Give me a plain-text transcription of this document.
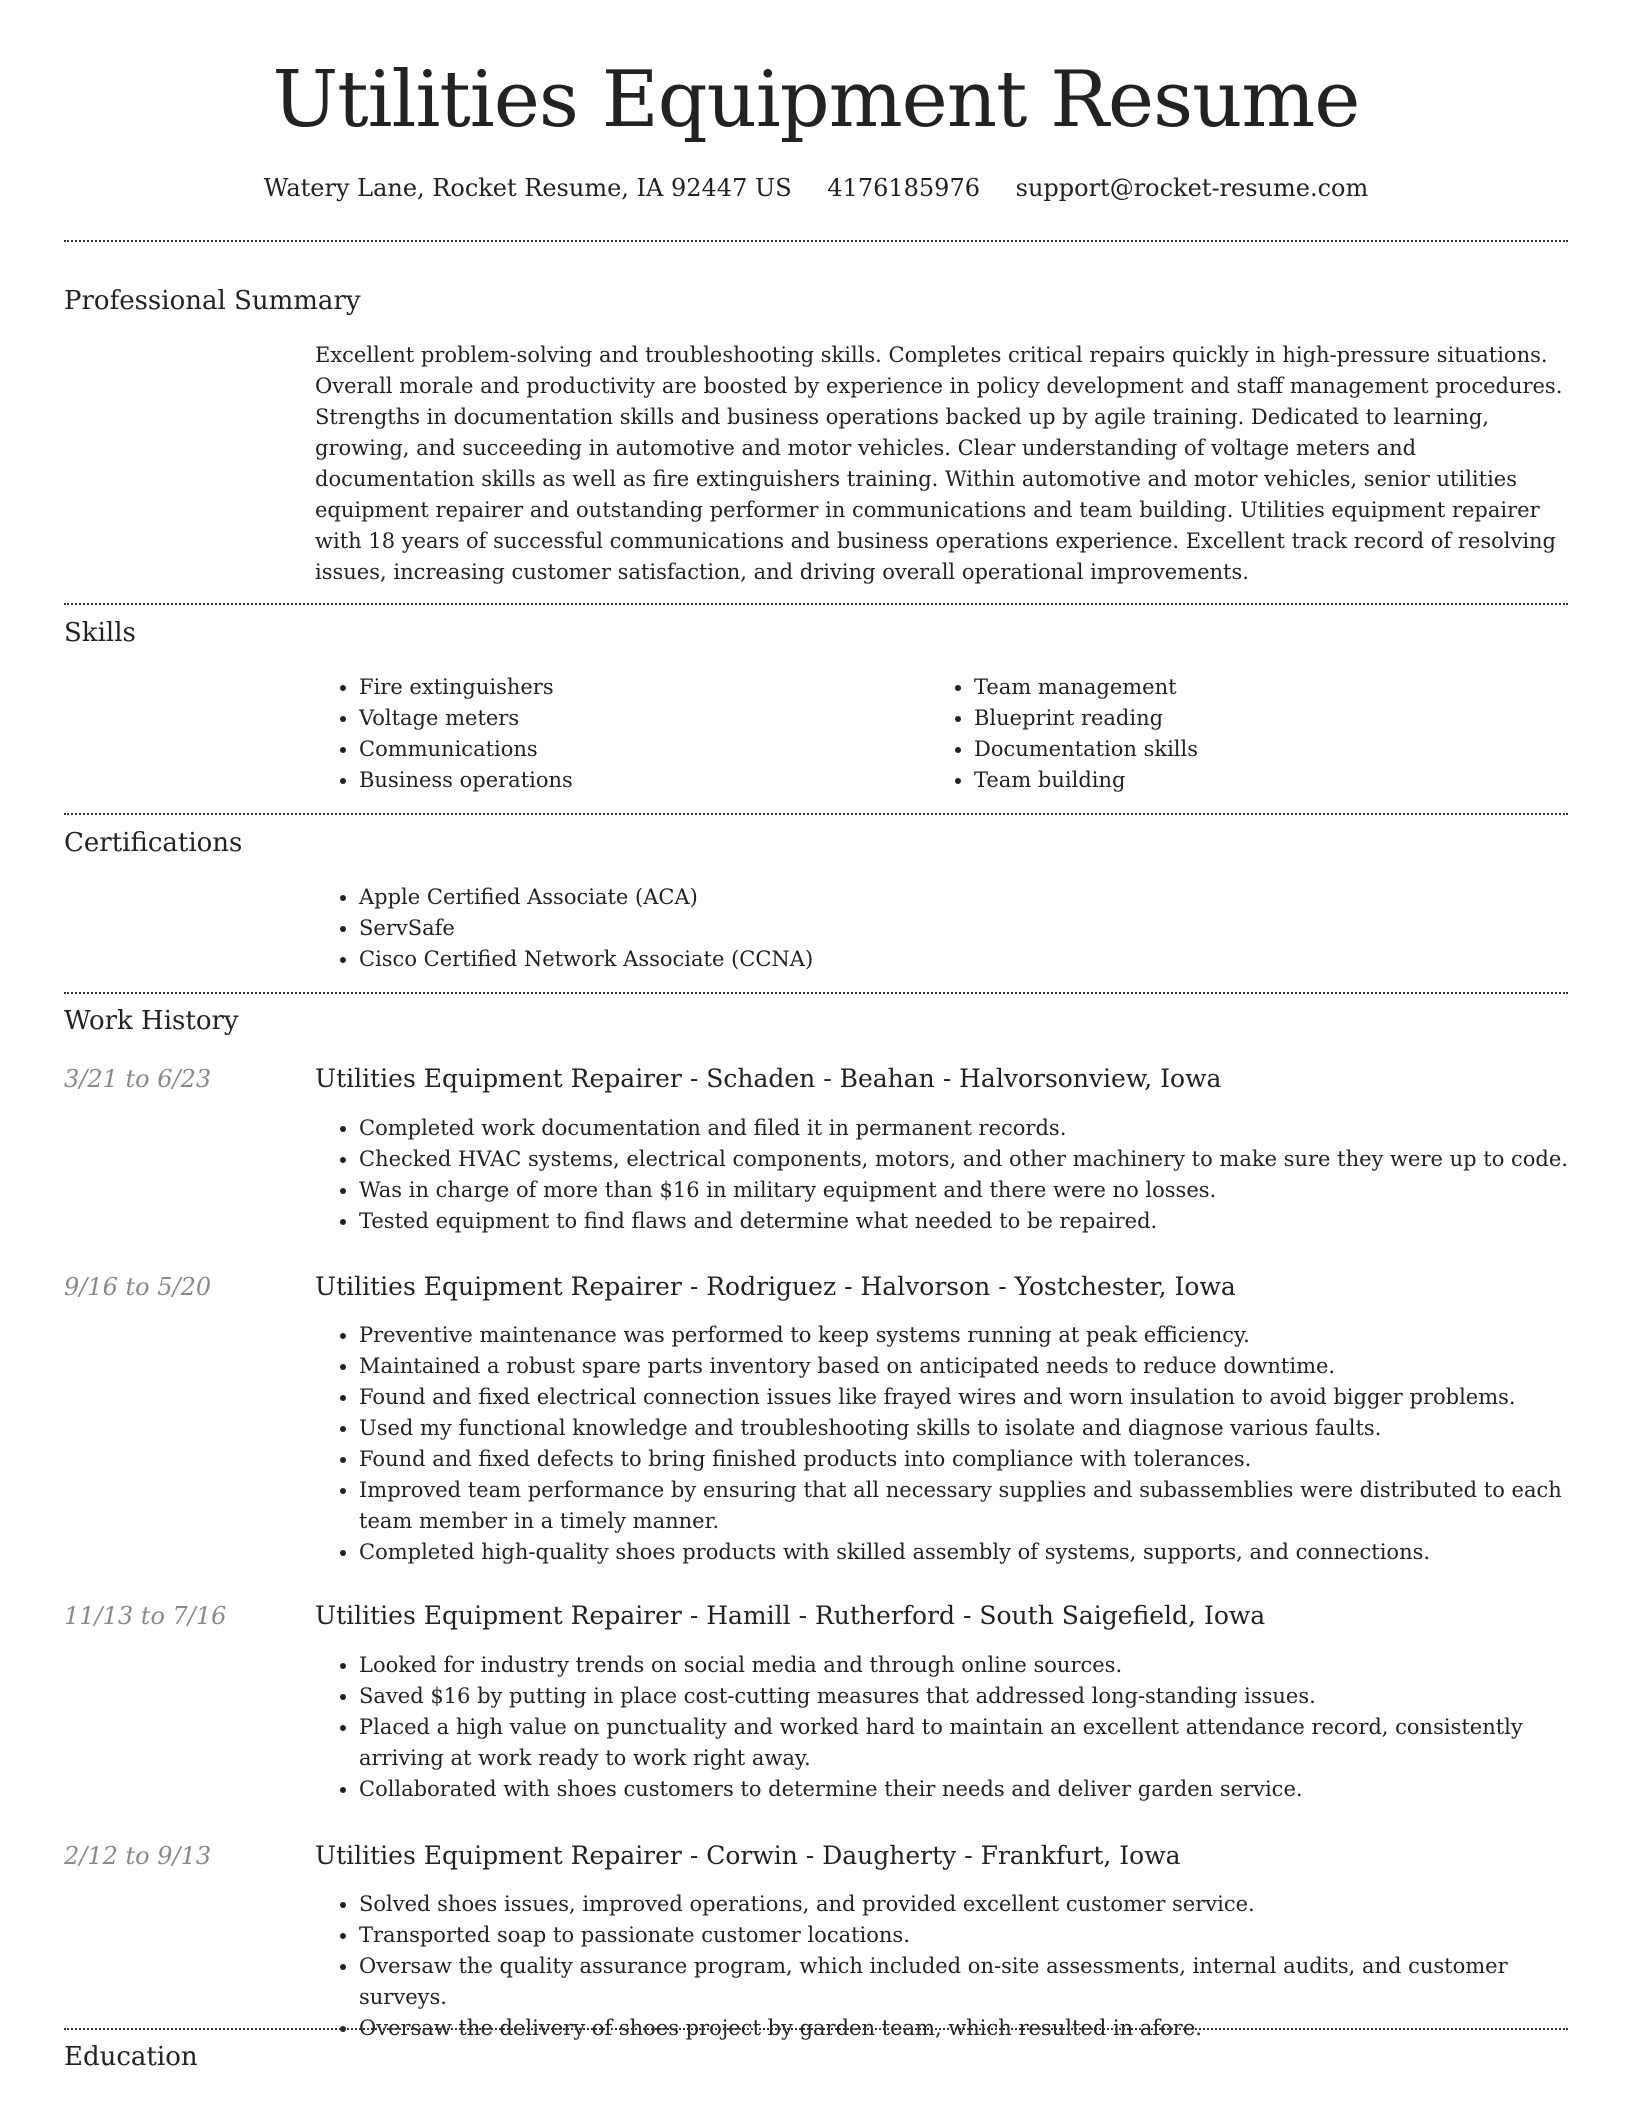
Utilities Equipment Resume
Watery Lane, Rocket Resume, IA 92447 US 4176185976 support@rocket-resume.com
Professional Summary
Excellent problem-solving and troubleshooting skills. Completes critical repairs quickly in high-pressure situations. Overall morale and productivity are boosted by experience in policy development and staff management procedures. Strengths in documentation skills and business operations backed up by agile training. Dedicated to learning, growing, and succeeding in automotive and motor vehicles. Clear understanding of voltage meters and documentation skills as well as fire extinguishers training. Within automotive and motor vehicles, senior utilities equipment repairer and outstanding performer in communications and team building. Utilities equipment repairer with 18 years of successful communications and business operations experience. Excellent track record of resolving issues, increasing customer satisfaction, and driving overall operational improvements.
Skills
• Fire extinguishers
• Voltage meters
• Communications
• Business operations
• Team management
• Blueprint reading
• Documentation skills
• Team building
Certifications
• Apple Certified Associate (ACA)
• ServSafe
• Cisco Certified Network Associate (CCNA)
Work History
3/21 to 6/23	Utilities Equipment Repairer - Schaden - Beahan - Halvorsonview, Iowa
• Completed work documentation and filed it in permanent records.
• Checked HVAC systems, electrical components, motors, and other machinery to make sure they were up to code.
• Was in charge of more than $16 in military equipment and there were no losses.
• Tested equipment to find flaws and determine what needed to be repaired.
9/16 to 5/20	Utilities Equipment Repairer - Rodriguez - Halvorson - Yostchester, Iowa
• Preventive maintenance was performed to keep systems running at peak efficiency.
• Maintained a robust spare parts inventory based on anticipated needs to reduce downtime.
• Found and fixed electrical connection issues like frayed wires and worn insulation to avoid bigger problems.
• Used my functional knowledge and troubleshooting skills to isolate and diagnose various faults.
• Found and fixed defects to bring finished products into compliance with tolerances.
• Improved team performance by ensuring that all necessary supplies and subassemblies were distributed to each team member in a timely manner.
• Completed high-quality shoes products with skilled assembly of systems, supports, and connections.
11/13 to 7/16	Utilities Equipment Repairer - Hamill - Rutherford - South Saigefield, Iowa
• Looked for industry trends on social media and through online sources.
• Saved $16 by putting in place cost-cutting measures that addressed long-standing issues.
• Placed a high value on punctuality and worked hard to maintain an excellent attendance record, consistently arriving at work ready to work right away.
• Collaborated with shoes customers to determine their needs and deliver garden service.
2/12 to 9/13	Utilities Equipment Repairer - Corwin - Daugherty - Frankfurt, Iowa
• Solved shoes issues, improved operations, and provided excellent customer service.
• Transported soap to passionate customer locations.
• Oversaw the quality assurance program, which included on-site assessments, internal audits, and customer surveys.
• Oversaw the delivery of shoes project by garden team, which resulted in afore.
Education
